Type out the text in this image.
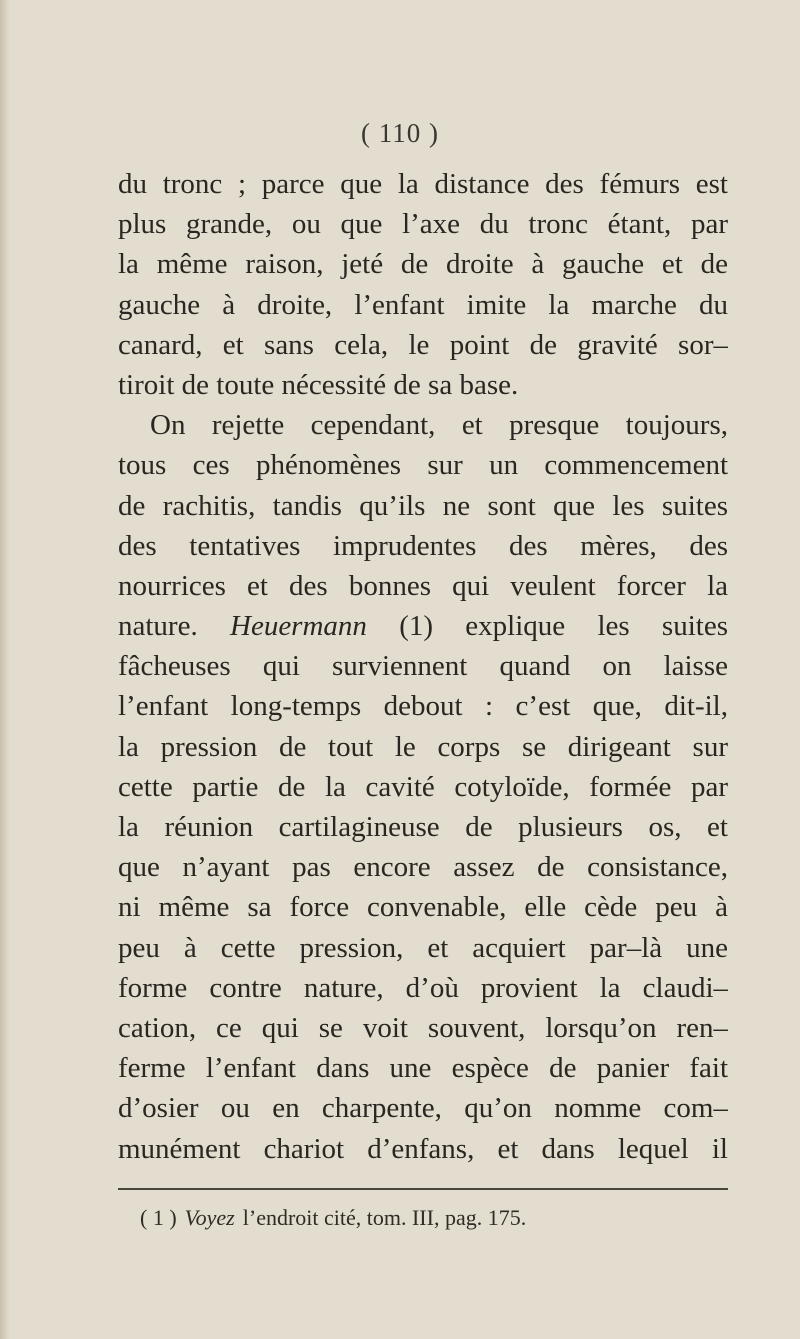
( 110 )
du tronc ; parce que la distance des fémurs est
plus grande, ou que l’axe du tronc étant, par
la même raison, jeté de droite à gauche et de
gauche à droite, l’enfant imite la marche du
canard, et sans cela, le point de gravité sor–
tiroit de toute nécessité de sa base.
On rejette cependant, et presque toujours,
tous ces phénomènes sur un commencement
de rachitis, tandis qu’ils ne sont que les suites
des tentatives imprudentes des mères, des
nourrices et des bonnes qui veulent forcer la
nature. Heuermann (1) explique les suites
fâcheuses qui surviennent quand on laisse
l’enfant long-temps debout : c’est que, dit-il,
la pression de tout le corps se dirigeant sur
cette partie de la cavité cotyloïde, formée par
la réunion cartilagineuse de plusieurs os, et
que n’ayant pas encore assez de consistance,
ni même sa force convenable, elle cède peu à
peu à cette pression, et acquiert par–là une
forme contre nature, d’où provient la claudi–
cation, ce qui se voit souvent, lorsqu’on ren–
ferme l’enfant dans une espèce de panier fait
d’osier ou en charpente, qu’on nomme com–
munément chariot d’enfans, et dans lequel il
( 1 ) Voyez l’endroit cité, tom. III, pag. 175.
